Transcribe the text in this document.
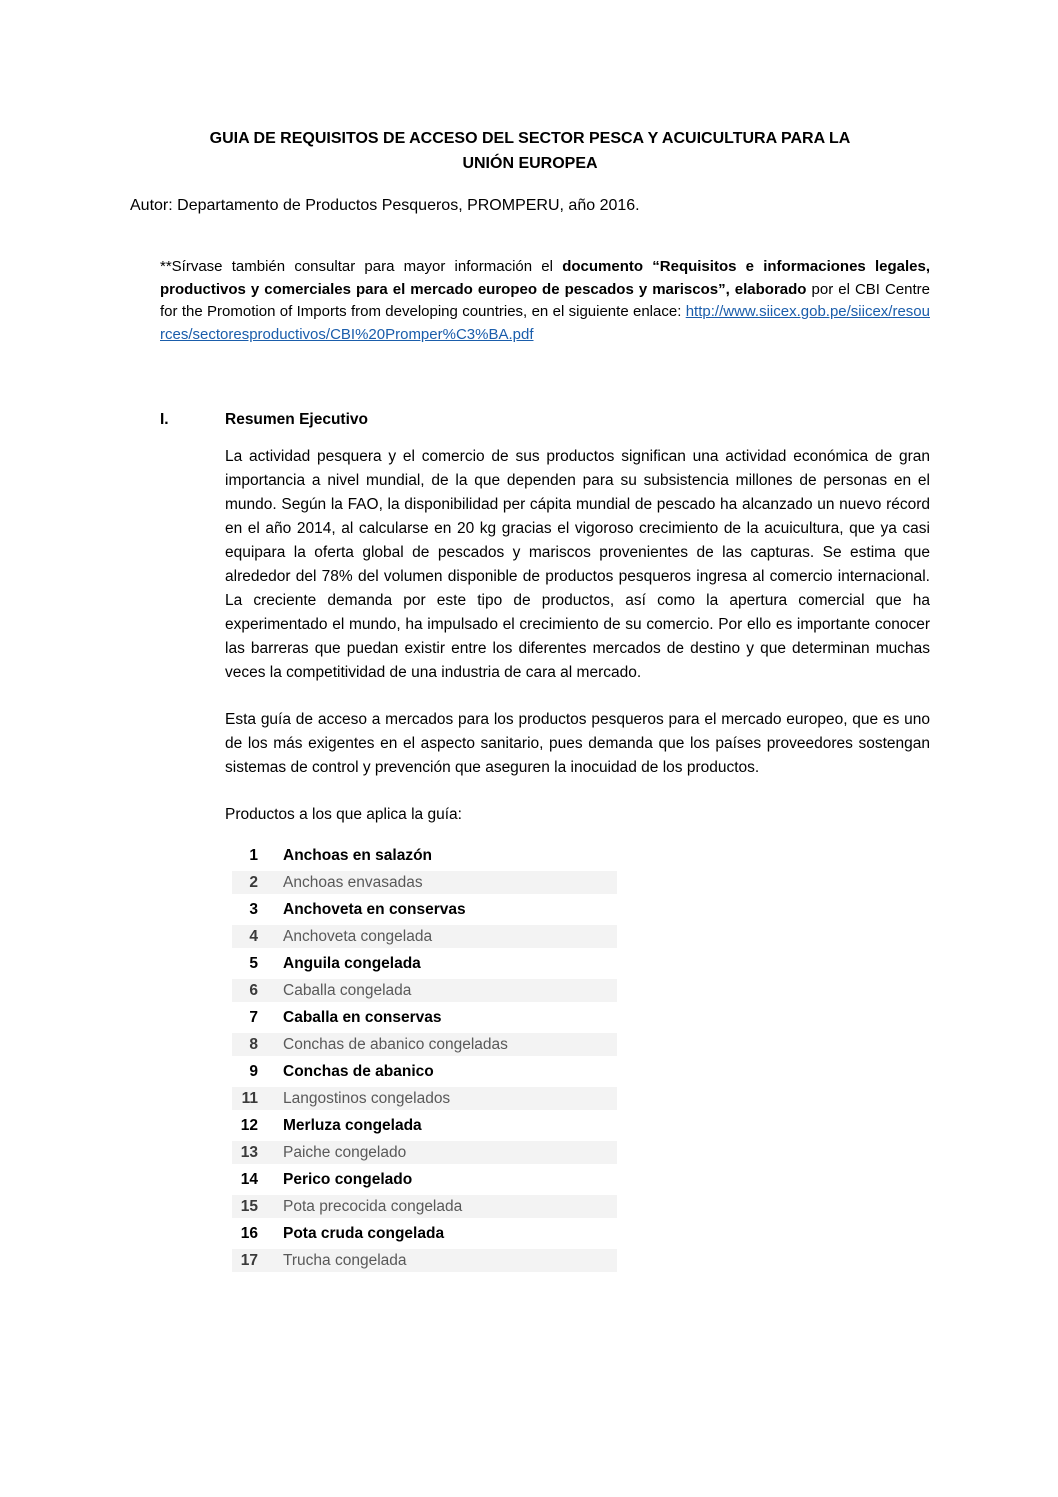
GUIA DE REQUISITOS DE ACCESO DEL SECTOR PESCA Y ACUICULTURA PARA LA
UNIÓN EUROPEA

Autor: Departamento de Productos Pesqueros, PROMPERU, año 2016.

**Sírvase también consultar para mayor información el documento “Requisitos e informaciones legales, productivos y comerciales para el mercado europeo de pescados y mariscos”, elaborado por el CBI Centre for the Promotion of Imports from developing countries, en el siguiente enlace: http://www.siicex.gob.pe/siicex/resources/sectoresproductivos/CBI%20Promper%C3%BA.pdf

I.	Resumen Ejecutivo

La actividad pesquera y el comercio de sus productos significan una actividad económica de gran importancia a nivel mundial, de la que dependen para su subsistencia millones de personas en el mundo. Según la FAO, la disponibilidad per cápita mundial de pescado ha alcanzado un nuevo récord en el año 2014, al calcularse en 20 kg gracias el vigoroso crecimiento de la acuicultura, que ya casi equipara la oferta global de pescados y mariscos provenientes de las capturas. Se estima que alrededor del 78% del volumen disponible de productos pesqueros ingresa al comercio internacional. La creciente demanda por este tipo de productos, así como la apertura comercial que ha experimentado el mundo, ha impulsado el crecimiento de su comercio. Por ello es importante conocer las barreras que puedan existir entre los diferentes mercados de destino y que determinan muchas veces la competitividad de una industria de cara al mercado.

Esta guía de acceso a mercados para los productos pesqueros para el mercado europeo, que es uno de los más exigentes en el aspecto sanitario, pues demanda que los países proveedores sostengan sistemas de control y prevención que aseguren la inocuidad de los productos.

Productos a los que aplica la guía:

1 Anchoas en salazón
2 Anchoas envasadas
3 Anchoveta en conservas
4 Anchoveta congelada
5 Anguila congelada
6 Caballa congelada
7 Caballa en conservas
8 Conchas de abanico congeladas
9 Conchas de abanico
11 Langostinos congelados
12 Merluza congelada
13 Paiche congelado
14 Perico congelado
15 Pota precocida congelada
16 Pota cruda congelada
17 Trucha congelada
